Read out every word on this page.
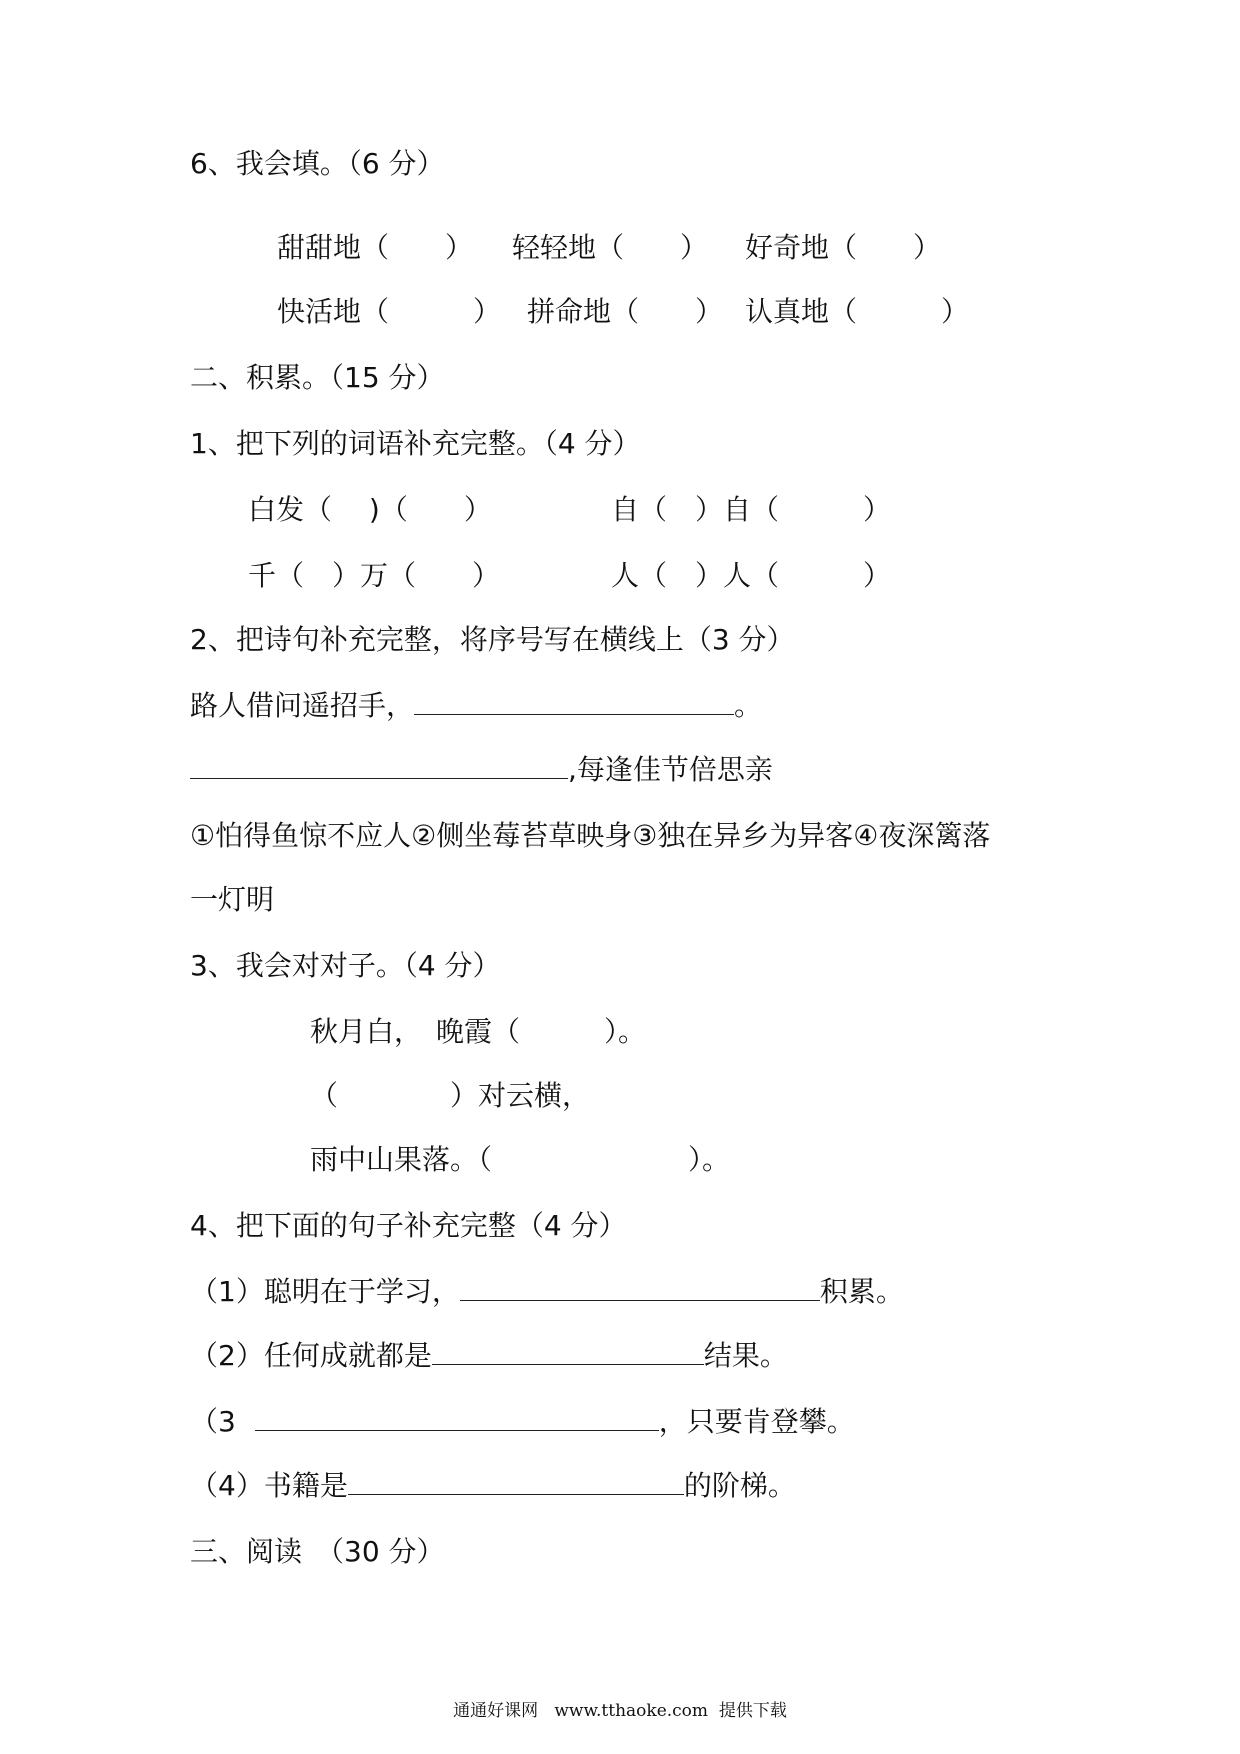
6、我会填。（6 分）
甜甜地（　　） 轻轻地（　　） 好奇地（　　）
快活地（　　　） 拼命地（　　） 认真地（　　　）
二、积累。（15 分）
1、把下列的词语补充完整。（4 分）
白发（　 )（　　）	自（　）自（　　　）
千（　）万（　　）	人（　）人（　　　）
2、把诗句补充完整，将序号写在横线上（3 分）
路人借问遥招手，	。
,每逢佳节倍思亲
①怕得鱼惊不应人②侧坐莓苔草映身③独在异乡为异客④夜深篱落
一灯明
3、我会对对子。（4 分）
秋月白，　晚霞（　　　）。
（　　　　）对云横，
雨中山果落。（　　　　　　　）。
4、把下面的句子补充完整（4 分）
（1）聪明在于学习，	积累。
（2）任何成就都是	结果。
（3	，只要肯登攀。
（4）书籍是	的阶梯。
三、阅读　（30 分）
通通好课网   www.tthaoke.com  提供下载
